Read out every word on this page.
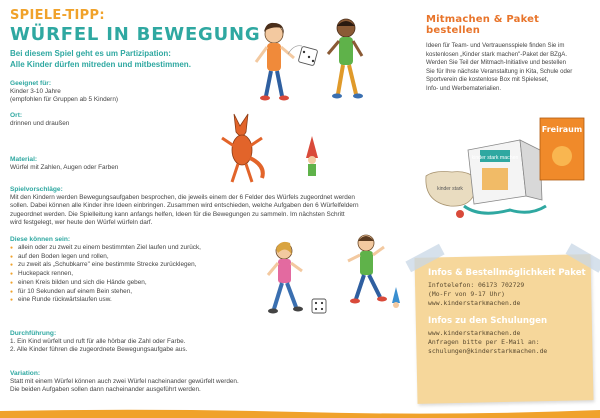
SPIELE-TIPP:
WÜRFEL IN BEWEGUNG
Bei diesem Spiel geht es um Partizipation:
Alle Kinder dürfen mitreden und mitbestimmen.
Geeignet für:
Kinder 3-10 Jahre
(empfohlen für Gruppen ab 5 Kindern)
Ort:
drinnen und draußen
Material:
Würfel mit Zahlen, Augen oder Farben
Spielvorschläge:
Mit den Kindern werden Bewegungsaufgaben besprochen, die jeweils einem der 6 Felder des Würfels zugeordnet werden
sollen. Dabei können alle Kinder ihre Ideen einbringen. Zusammen wird entschieden, welche Aufgaben den 6 Würfelfeldern
zugeordnet werden. Die Spielleitung kann anfangs helfen, Ideen für die Bewegungen zu sammeln. Im nächsten Schritt
wird festgelegt, wer heute den Würfel würfeln darf.
Diese können sein:
● allein oder zu zweit zu einem bestimmten Ziel laufen und zurück,
● auf den Boden legen und rollen,
● zu zweit als „Schubkarre" eine bestimmte Strecke zurücklegen,
● Huckepack rennen,
● einen Kreis bilden und sich die Hände geben,
● für 10 Sekunden auf einem Bein stehen,
● eine Runde rückwärtslaufen usw.
Durchführung:
1. Ein Kind würfelt und ruft für alle hörbar die Zahl oder Farbe.
2. Alle Kinder führen die zugeordnete Bewegungsaufgabe aus.
Variation:
Statt mit einem Würfel können auch zwei Würfel nacheinander gewürfelt werden.
Die beiden Aufgaben sollen dann nacheinander ausgeführt werden.
Mitmachen & Paket bestellen
Ideen für Team- und Vertrauensspiele finden Sie im
kostenlosen „Kinder stark machen"-Paket der BZgA.
Werden Sie Teil der Mitmach-Initiative und bestellen
Sie für Ihre nächste Veranstaltung in Kita, Schule oder
Sportverein die kostenlose Box mit Spieleset,
Info- und Werbematerialien.
kinder stark
kinder stark machen
Freiraum
Infos & Bestellmöglichkeit Paket
Infotelefon: 06173 702729
(Mo-Fr von 9-17 Uhr)
www.kinderstarkmachen.de
Infos zu den Schulungen
www.kinderstarkmachen.de
Anfragen bitte per E-Mail an:
schulungen@kinderstarkmachen.de
